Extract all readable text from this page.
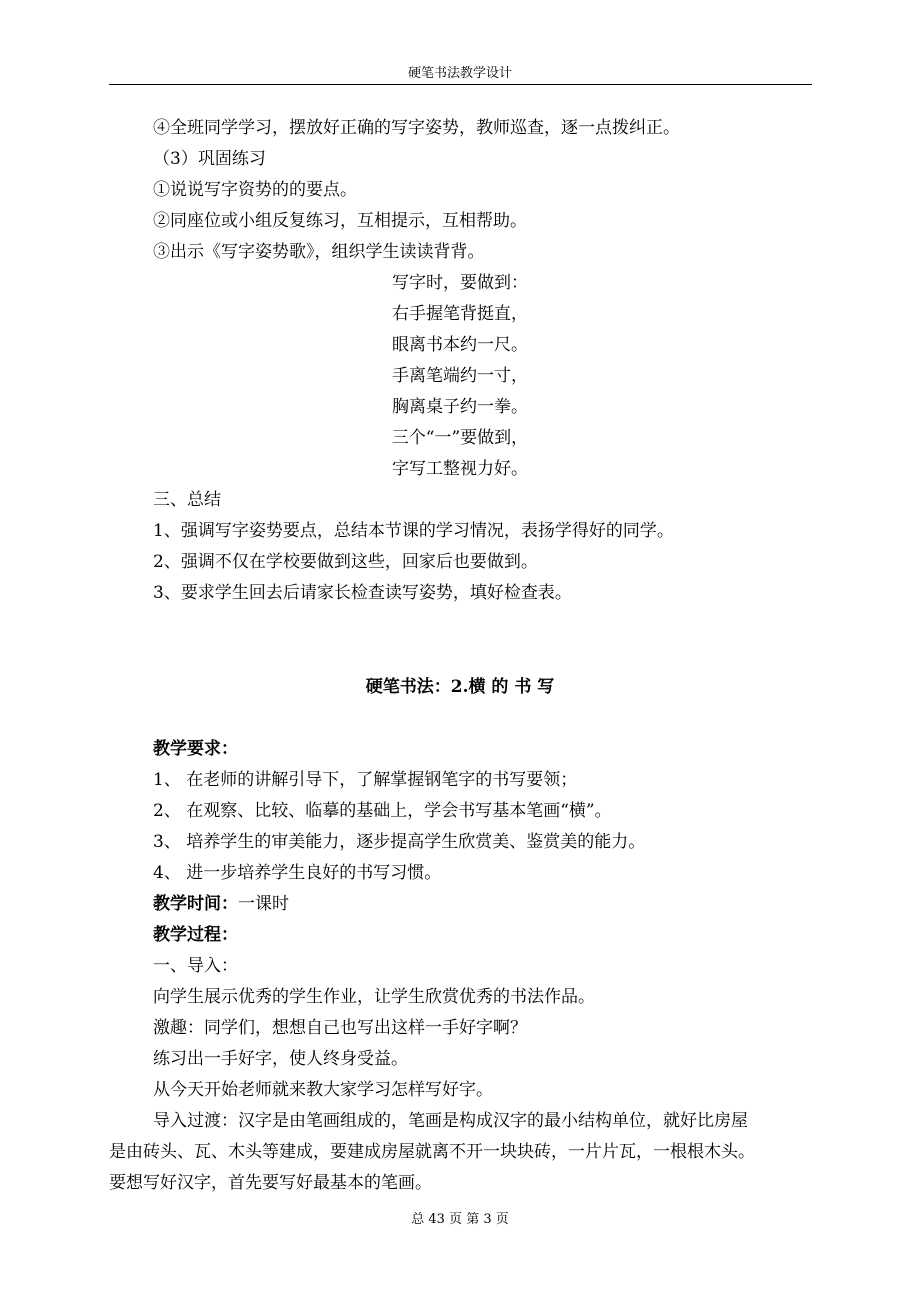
硬笔书法教学设计
④全班同学学习，摆放好正确的写字姿势，教师巡查，逐一点拨纠正。
（3）巩固练习
①说说写字资势的的要点。
②同座位或小组反复练习，互相提示，互相帮助。
③出示《写字姿势歌》，组织学生读读背背。
写字时，要做到：
右手握笔背挺直，
眼离书本约一尺。
手离笔端约一寸，
胸离桌子约一拳。
三个“一”要做到，
字写工整视力好。
三、总结
1、强调写字姿势要点，总结本节课的学习情况，表扬学得好的同学。
2、强调不仅在学校要做到这些，回家后也要做到。
3、要求学生回去后请家长检查读写姿势，填好检查表。
硬笔书法：2.横 的 书 写
教学要求：
1、 在老师的讲解引导下，了解掌握钢笔字的书写要领；
2、 在观察、比较、临摹的基础上，学会书写基本笔画“横”。
3、 培养学生的审美能力，逐步提高学生欣赏美、鉴赏美的能力。
4、 进一步培养学生良好的书写习惯。
教学时间：一课时
教学过程：
一、导入：
向学生展示优秀的学生作业，让学生欣赏优秀的书法作品。
激趣：同学们，想想自己也写出这样一手好字啊？
练习出一手好字，使人终身受益。
从今天开始老师就来教大家学习怎样写好字。
导入过渡：汉字是由笔画组成的，笔画是构成汉字的最小结构单位，就好比房屋
是由砖头、瓦、木头等建成，要建成房屋就离不开一块块砖，一片片瓦，一根根木头。
要想写好汉字，首先要写好最基本的笔画。
总 43 页 第 3 页
